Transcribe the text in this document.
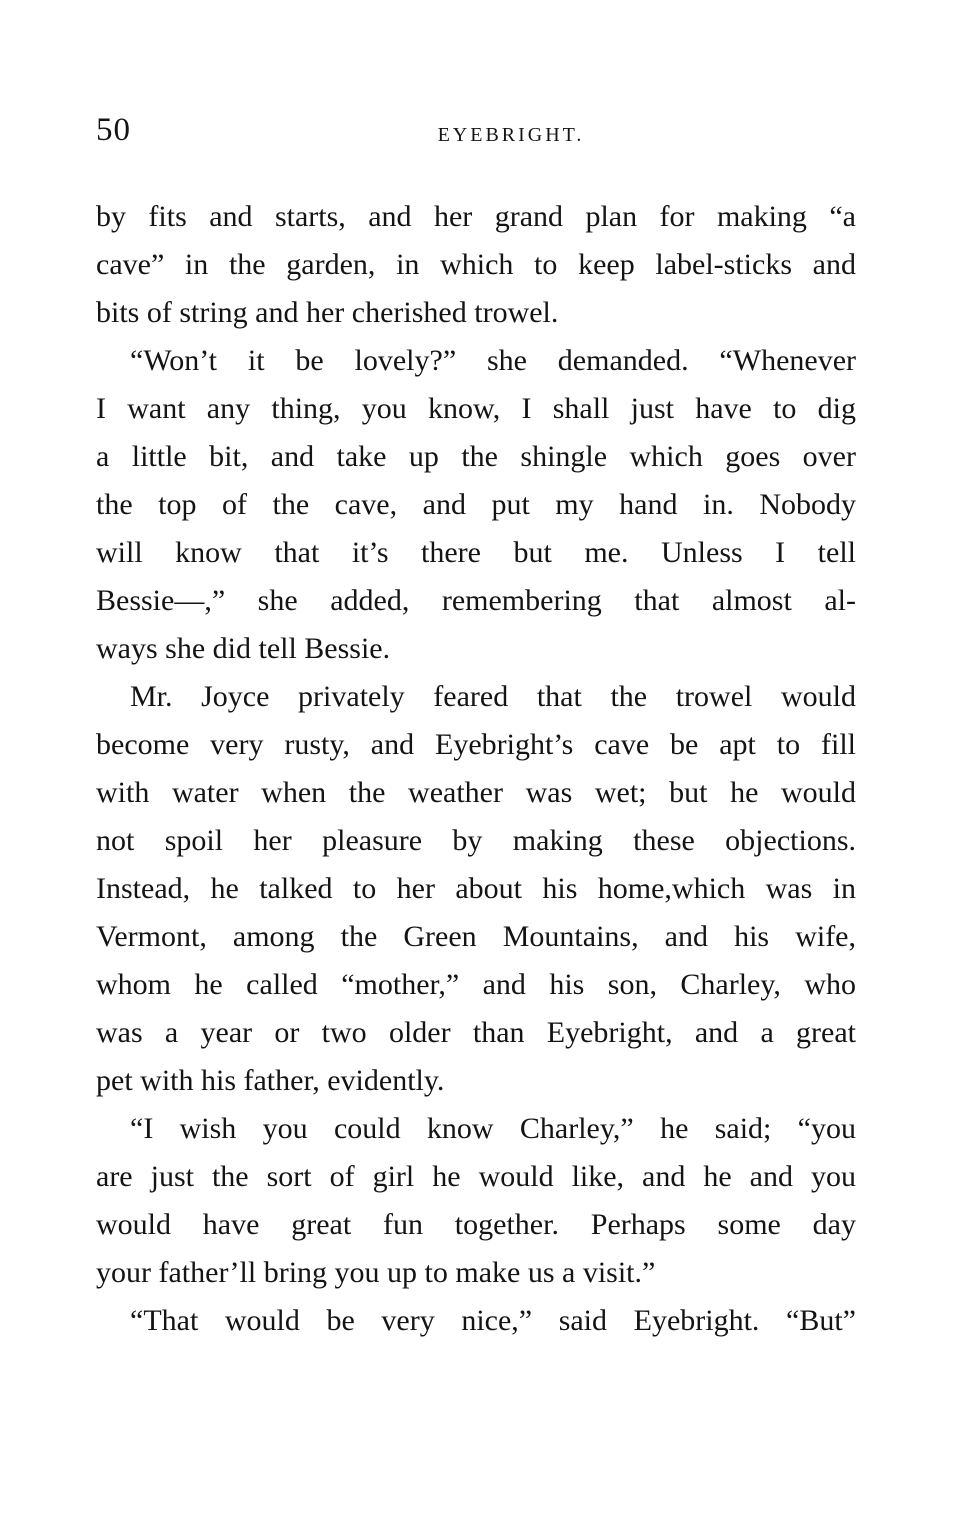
50	EYEBRIGHT.
by fits and starts, and her grand plan for making “a
cave” in the garden, in which to keep label-sticks and
bits of string and her cherished trowel.
“Won’t it be lovely?” she demanded. “Whenever
I want any thing, you know, I shall just have to dig
a little bit, and take up the shingle which goes over
the top of the cave, and put my hand in. Nobody
will know that it’s there but me. Unless I tell
Bessie—,” she added, remembering that almost al-
ways she did tell Bessie.
Mr. Joyce privately feared that the trowel would
become very rusty, and Eyebright’s cave be apt to fill
with water when the weather was wet; but he would
not spoil her pleasure by making these objections.
Instead, he talked to her about his home,which was in
Vermont, among the Green Mountains, and his wife,
whom he called “mother,” and his son, Charley, who
was a year or two older than Eyebright, and a great
pet with his father, evidently.
“I wish you could know Charley,” he said; “you
are just the sort of girl he would like, and he and you
would have great fun together. Perhaps some day
your father’ll bring you up to make us a visit.”
“That would be very nice,” said Eyebright. “But”
